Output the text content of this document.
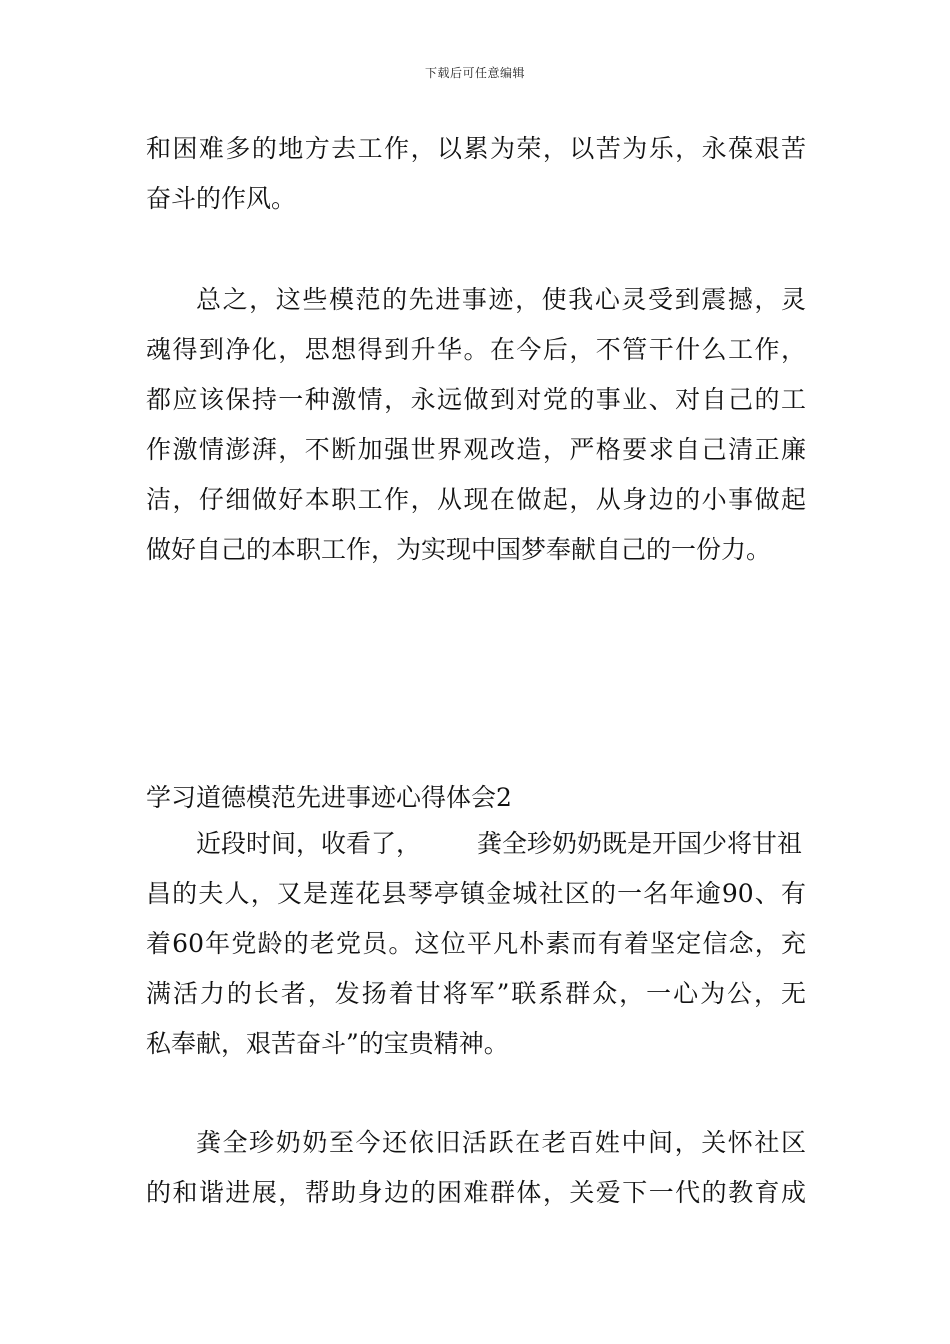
下载后可任意编辑
和困难多的地方去工作，以累为荣，以苦为乐，永葆艰苦
奋斗的作风。
总之，这些模范的先进事迹，使我心灵受到震撼，灵
魂得到净化，思想得到升华。在今后，不管干什么工作，
都应该保持一种激情，永远做到对党的事业、对自己的工
作激情澎湃，不断加强世界观改造，严格要求自己清正廉
洁，仔细做好本职工作，从现在做起，从身边的小事做起
做好自己的本职工作，为实现中国梦奉献自己的一份力。
学习道德模范先进事迹心得体会2
近段时间，收看了， 龚全珍奶奶既是开国少将甘祖
昌的夫人，又是莲花县琴亭镇金城社区的一名年逾90、有
着60年党龄的老党员。这位平凡朴素而有着坚定信念，充
满活力的长者，发扬着甘将军”联系群众，一心为公，无
私奉献，艰苦奋斗”的宝贵精神。
龚全珍奶奶至今还依旧活跃在老百姓中间，关怀社区
的和谐进展，帮助身边的困难群体，关爱下一代的教育成
